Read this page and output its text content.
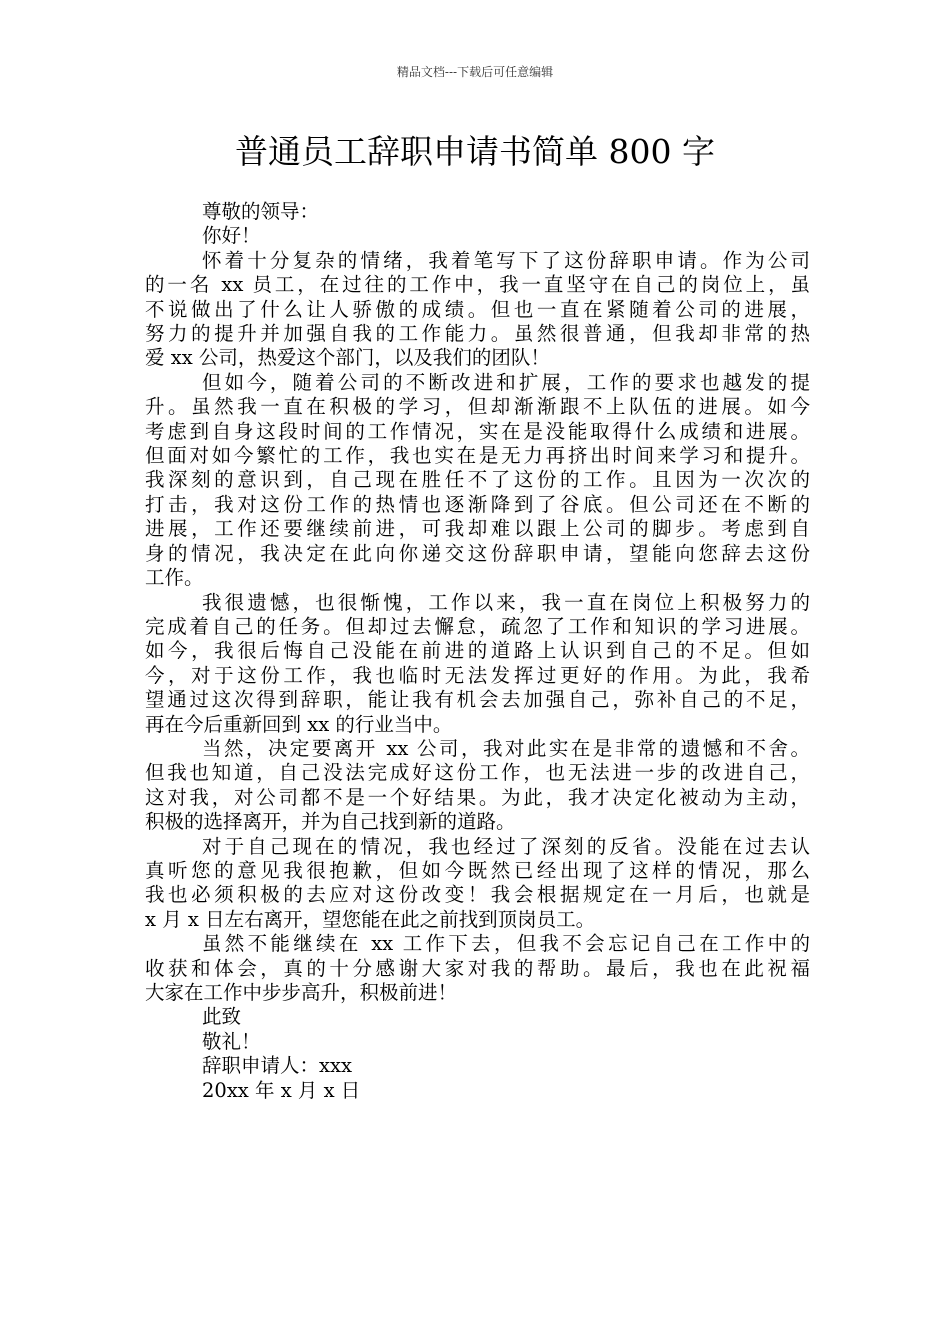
精品文档---下载后可任意编辑
普通员工辞职申请书简单 800 字

尊敬的领导：

你好！

怀着十分复杂的情绪，我着笔写下了这份辞职申请。作为公司

的一名 xx 员工，在过往的工作中，我一直坚守在自己的岗位上，虽

不说做出了什么让人骄傲的成绩。但也一直在紧随着公司的进展，

努力的提升并加强自我的工作能力。虽然很普通，但我却非常的热

爱 xx 公司，热爱这个部门，以及我们的团队！

但如今，随着公司的不断改进和扩展，工作的要求也越发的提

升。虽然我一直在积极的学习，但却渐渐跟不上队伍的进展。如今

考虑到自身这段时间的工作情况，实在是没能取得什么成绩和进展。

但面对如今繁忙的工作，我也实在是无力再挤出时间来学习和提升。

我深刻的意识到，自己现在胜任不了这份的工作。且因为一次次的

打击，我对这份工作的热情也逐渐降到了谷底。但公司还在不断的

进展，工作还要继续前进，可我却难以跟上公司的脚步。考虑到自

身的情况，我决定在此向你递交这份辞职申请，望能向您辞去这份

工作。

我很遗憾，也很惭愧，工作以来，我一直在岗位上积极努力的

完成着自己的任务。但却过去懈怠，疏忽了工作和知识的学习进展。

如今，我很后悔自己没能在前进的道路上认识到自己的不足。但如

今，对于这份工作，我也临时无法发挥过更好的作用。为此，我希

望通过这次得到辞职，能让我有机会去加强自己，弥补自己的不足，

再在今后重新回到 xx 的行业当中。

当然，决定要离开 xx 公司，我对此实在是非常的遗憾和不舍。

但我也知道，自己没法完成好这份工作，也无法进一步的改进自己，

这对我，对公司都不是一个好结果。为此，我才决定化被动为主动，

积极的选择离开，并为自己找到新的道路。

对于自己现在的情况，我也经过了深刻的反省。没能在过去认

真听您的意见我很抱歉，但如今既然已经出现了这样的情况，那么

我也必须积极的去应对这份改变！我会根据规定在一月后，也就是

x 月 x 日左右离开，望您能在此之前找到顶岗员工。

虽然不能继续在 xx 工作下去，但我不会忘记自己在工作中的

收获和体会，真的十分感谢大家对我的帮助。最后，我也在此祝福

大家在工作中步步高升，积极前进！

此致

敬礼！

辞职申请人：xxx

20xx 年 x 月 x 日
